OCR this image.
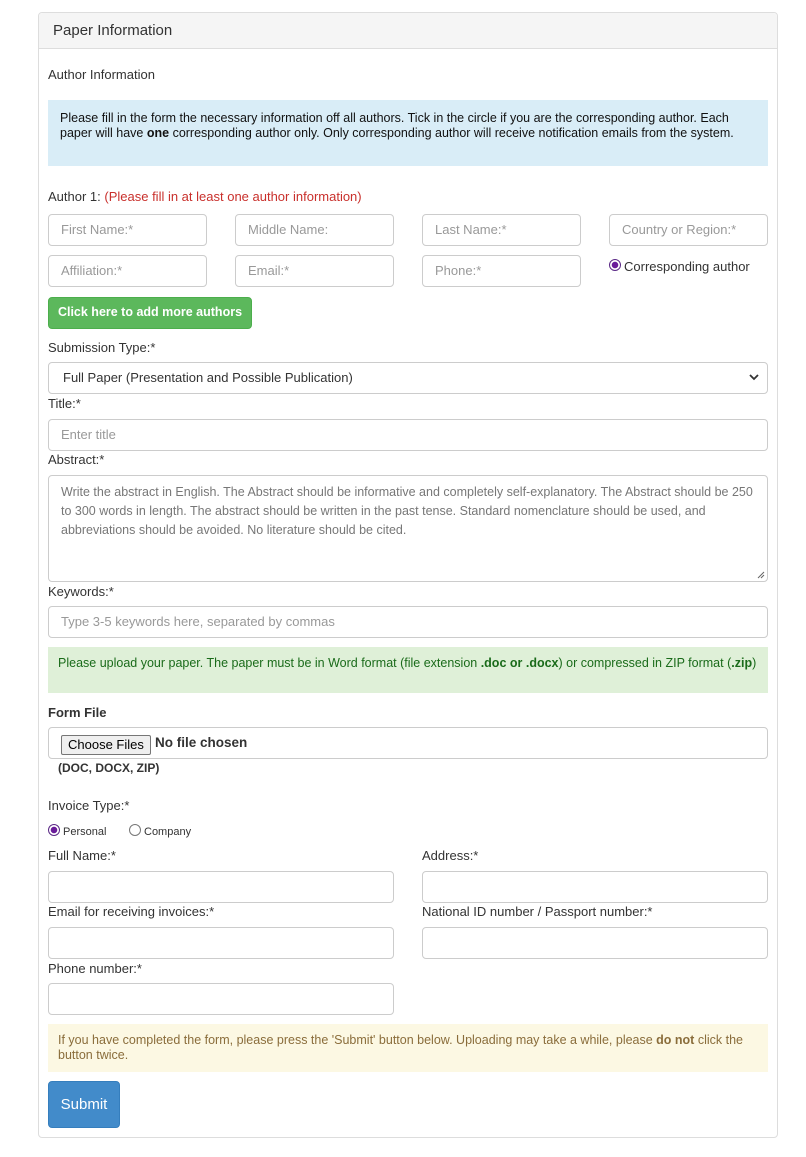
Paper Information
Author Information
Please fill in the form the necessary information off all authors. Tick in the circle if you are the corresponding author. Each paper will have one corresponding author only. Only corresponding author will receive notification emails from the system.
Author 1: (Please fill in at least one author information)
First Name:*	Middle Name:	Last Name:*	Country or Region:*
Affiliation:*	Email:*	Phone:*	Corresponding author
Click here to add more authors
Submission Type:*
Full Paper (Presentation and Possible Publication)
Title:*
Enter title
Abstract:*
Write the abstract in English. The Abstract should be informative and completely self-explanatory. The Abstract should be 250 to 300 words in length. The abstract should be written in the past tense. Standard nomenclature should be used, and abbreviations should be avoided. No literature should be cited.
Keywords:*
Type 3-5 keywords here, separated by commas
Please upload your paper. The paper must be in Word format (file extension .doc or .docx) or compressed in ZIP format (.zip)
Form File
Choose Files No file chosen
(DOC, DOCX, ZIP)
Invoice Type:*
Personal	Company
Full Name:*	Address:*
Email for receiving invoices:*	National ID number / Passport number:*
Phone number:*
If you have completed the form, please press the 'Submit' button below. Uploading may take a while, please do not click the button twice.
Submit
